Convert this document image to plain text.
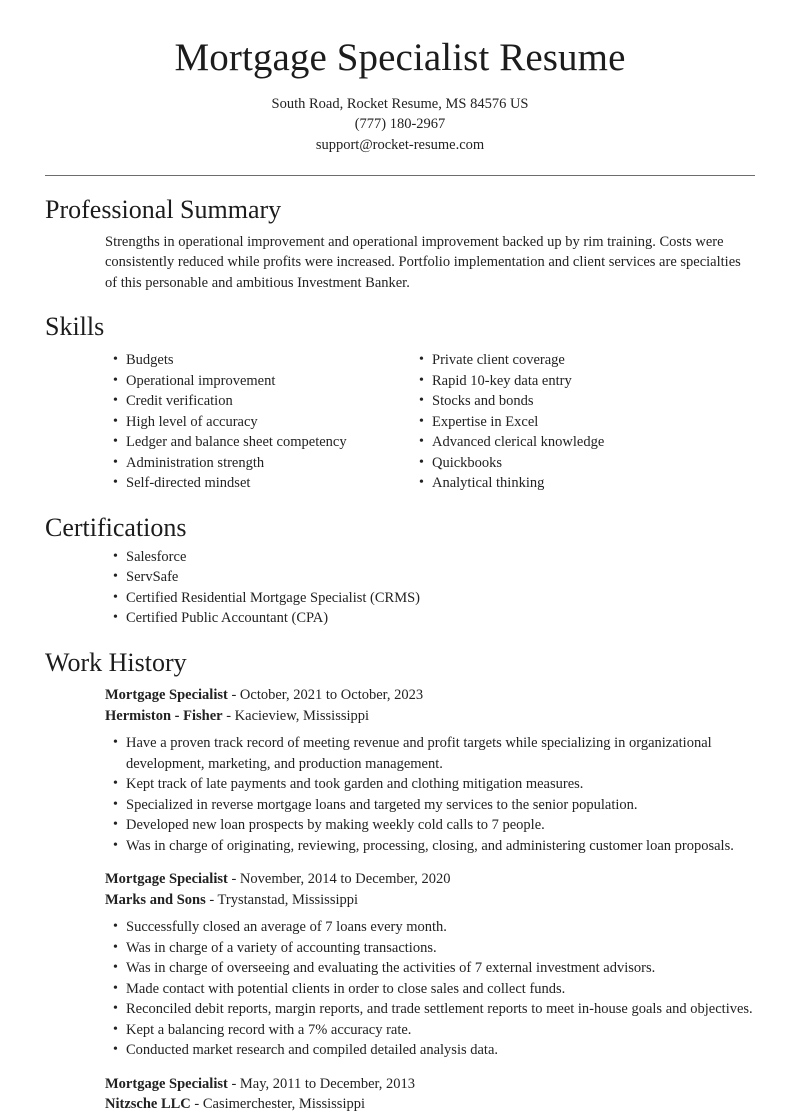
Mortgage Specialist Resume
South Road, Rocket Resume, MS 84576 US
(777) 180-2967
support@rocket-resume.com
Professional Summary

Strengths in operational improvement and operational improvement backed up by rim training. Costs were consistently reduced while profits were increased. Portfolio implementation and client services are specialties of this personable and ambitious Investment Banker.

Skills
• Budgets
• Operational improvement
• Credit verification
• High level of accuracy
• Ledger and balance sheet competency
• Administration strength
• Self-directed mindset
• Private client coverage
• Rapid 10-key data entry
• Stocks and bonds
• Expertise in Excel
• Advanced clerical knowledge
• Quickbooks
• Analytical thinking
Certifications
• Salesforce
• ServSafe
• Certified Residential Mortgage Specialist (CRMS)
• Certified Public Accountant (CPA)
Work History
Mortgage Specialist - October, 2021 to October, 2023
Hermiston - Fisher - Kacieview, Mississippi
• Have a proven track record of meeting revenue and profit targets while specializing in organizational development, marketing, and production management.
• Kept track of late payments and took garden and clothing mitigation measures.
• Specialized in reverse mortgage loans and targeted my services to the senior population.
• Developed new loan prospects by making weekly cold calls to 7 people.
• Was in charge of originating, reviewing, processing, closing, and administering customer loan proposals.
Mortgage Specialist - November, 2014 to December, 2020
Marks and Sons - Trystanstad, Mississippi
• Successfully closed an average of 7 loans every month.
• Was in charge of a variety of accounting transactions.
• Was in charge of overseeing and evaluating the activities of 7 external investment advisors.
• Made contact with potential clients in order to close sales and collect funds.
• Reconciled debit reports, margin reports, and trade settlement reports to meet in-house goals and objectives.
• Kept a balancing record with a 7% accuracy rate.
• Conducted market research and compiled detailed analysis data.
Mortgage Specialist - May, 2011 to December, 2013
Nitzsche LLC - Casimerchester, Mississippi
